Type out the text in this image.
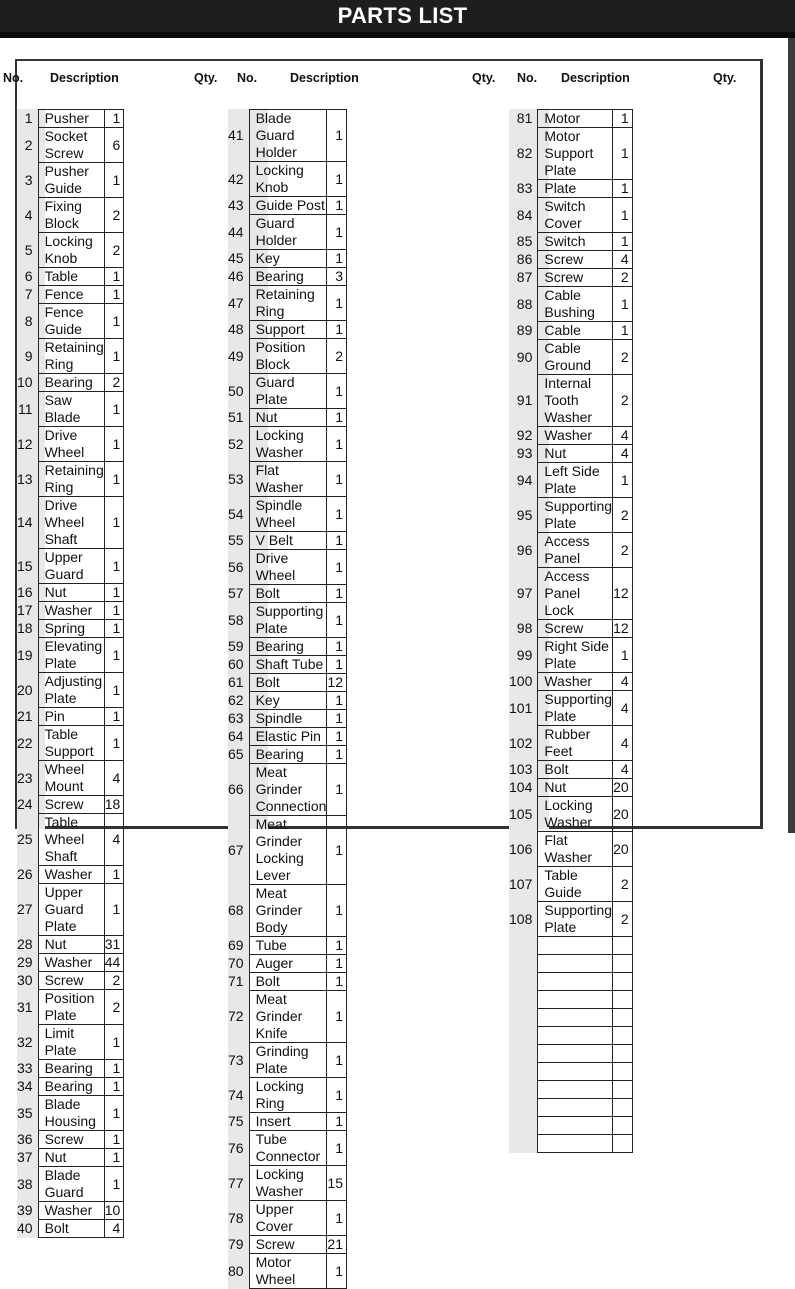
PARTS LIST
No. Description	Qty. No.	Description	Qty. No. Description	Qty.
1	Pusher	1
2	Socket Screw	6
3	Pusher Guide	1
4	Fixing Block	2
5	Locking Knob	2
6	Table	1
7	Fence	1
8	Fence Guide	1
9	Retaining Ring	1
10	Bearing	2
11	Saw Blade	1
12	Drive Wheel	1
13	Retaining Ring	1
14	Drive Wheel Shaft	1
15	Upper Guard	1
16	Nut	1
17	Washer	1
18	Spring	1
19	Elevating Plate	1
20	Adjusting Plate	1
21	Pin	1
22	Table Support	1
23	Wheel Mount	4
24	Screw	18
25	Table Wheel Shaft	4
26	Washer	1
27	Upper Guard Plate	1
28	Nut	31
29	Washer	44
30	Screw	2
31	Position Plate	2
32	Limit Plate	1
33	Bearing	1
34	Bearing	1
35	Blade Housing	1
36	Screw	1
37	Nut	1
38	Blade Guard	1
39	Washer	10
40	Bolt	4
41	Blade Guard Holder	1
42	Locking Knob	1
43	Guide Post	1
44	Guard Holder	1
45	Key	1
46	Bearing	3
47	Retaining Ring	1
48	Support	1
49	Position Block	2
50	Guard Plate	1
51	Nut	1
52	Locking Washer	1
53	Flat Washer	1
54	Spindle Wheel	1
55	V Belt	1
56	Drive Wheel	1
57	Bolt	1
58	Supporting Plate	1
59	Bearing	1
60	Shaft Tube	1
61	Bolt	12
62	Key	1
63	Spindle	1
64	Elastic Pin	1
65	Bearing	1
66	Meat Grinder Connection	1
67	Meat Grinder Locking Lever	1
68	Meat Grinder Body	1
69	Tube	1
70	Auger	1
71	Bolt	1
72	Meat Grinder Knife	1
73	Grinding Plate	1
74	Locking Ring	1
75	Insert	1
76	Tube Connector	1
77	Locking Washer	15
78	Upper Cover	1
79	Screw	21
80	Motor Wheel	1
81	Motor	1
82	Motor Support Plate	1
83	Plate	1
84	Switch Cover	1
85	Switch	1
86	Screw	4
87	Screw	2
88	Cable Bushing	1
89	Cable	1
90	Cable Ground	2
91	Internal Tooth Washer	2
92	Washer	4
93	Nut	4
94	Left Side Plate	1
95	Supporting Plate	2
96	Access Panel	2
97	Access Panel Lock	12
98	Screw	12
99	Right Side Plate	1
100	Washer	4
101	Supporting Plate	4
102	Rubber Feet	4
103	Bolt	4
104	Nut	20
105	Locking Washer	20
106	Flat Washer	20
107	Table Guide	2
108	Supporting Plate	2
